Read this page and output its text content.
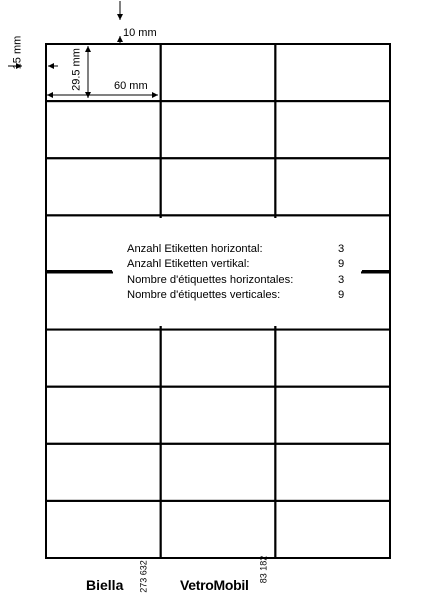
10 mm
15 mm	29.5 mm	60 mm
Anzahl Etiketten horizontal:	3
Anzahl Etiketten vertikal:	9
Nombre d'étiquettes horizontales:	3
Nombre d'étiquettes verticales:	9
Biella 273 632 VetroMobil
83 182
